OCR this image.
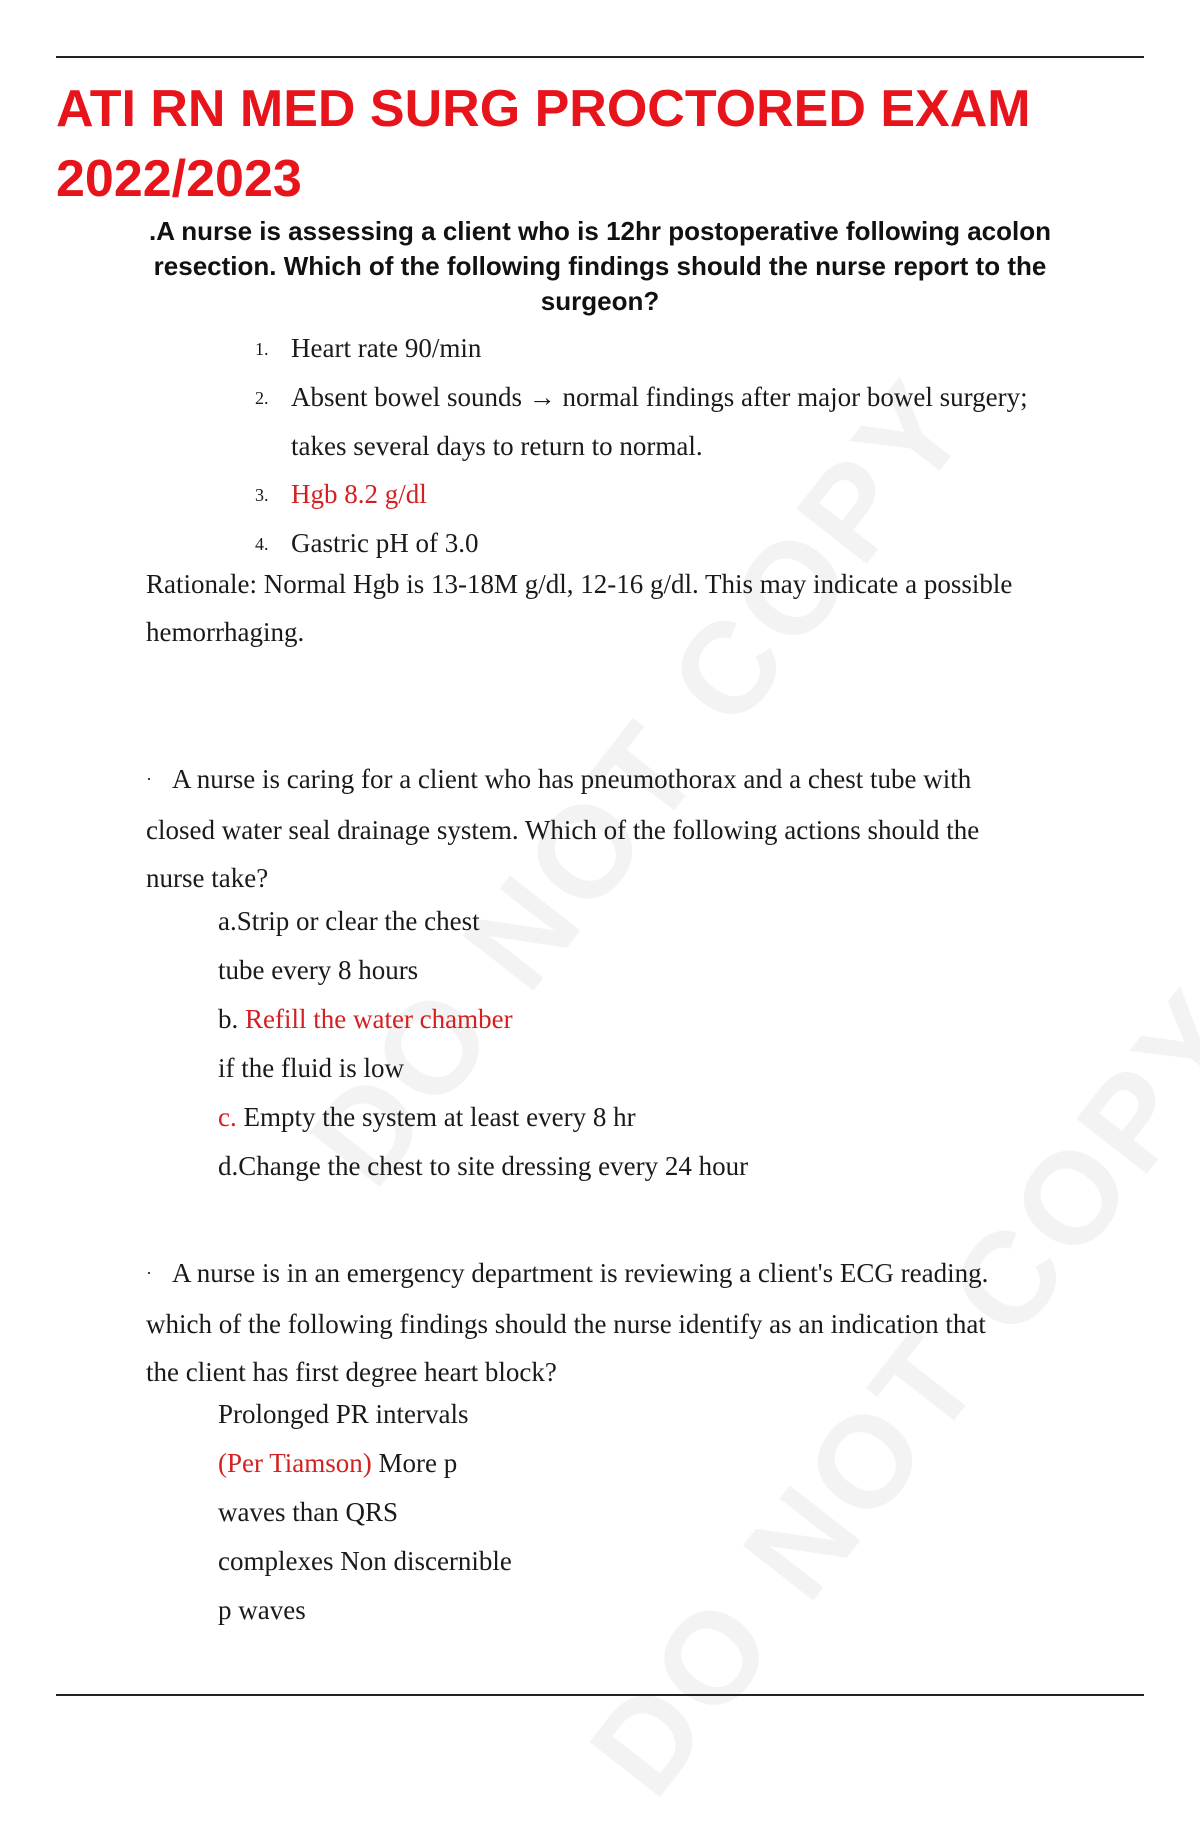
ATI RN MED SURG PROCTORED EXAM 2022/2023

.A nurse is assessing a client who is 12hr postoperative following acolon resection. Which of the following findings should the nurse report to the surgeon?

1. Heart rate 90/min
2. Absent bowel sounds → normal findings after major bowel surgery;
takes several days to return to normal.
3. Hgb 8.2 g/dl
4. Gastric pH of 3.0

Rationale: Normal Hgb is 13-18M g/dl, 12-16 g/dl. This may indicate a possible
hemorrhaging.

· A nurse is caring for a client who has pneumothorax and a chest tube with
closed water seal drainage system. Which of the following actions should the
nurse take?

a.Strip or clear the chest
tube every 8 hours
b. Refill the water chamber
if the fluid is low
c. Empty the system at least every 8 hr
d.Change the chest to site dressing every 24 hour

· A nurse is in an emergency department is reviewing a client's ECG reading.
which of the following findings should the nurse identify as an indication that
the client has first degree heart block?

Prolonged PR intervals
(Per Tiamson) More p
waves than QRS
complexes Non discernible
p waves
